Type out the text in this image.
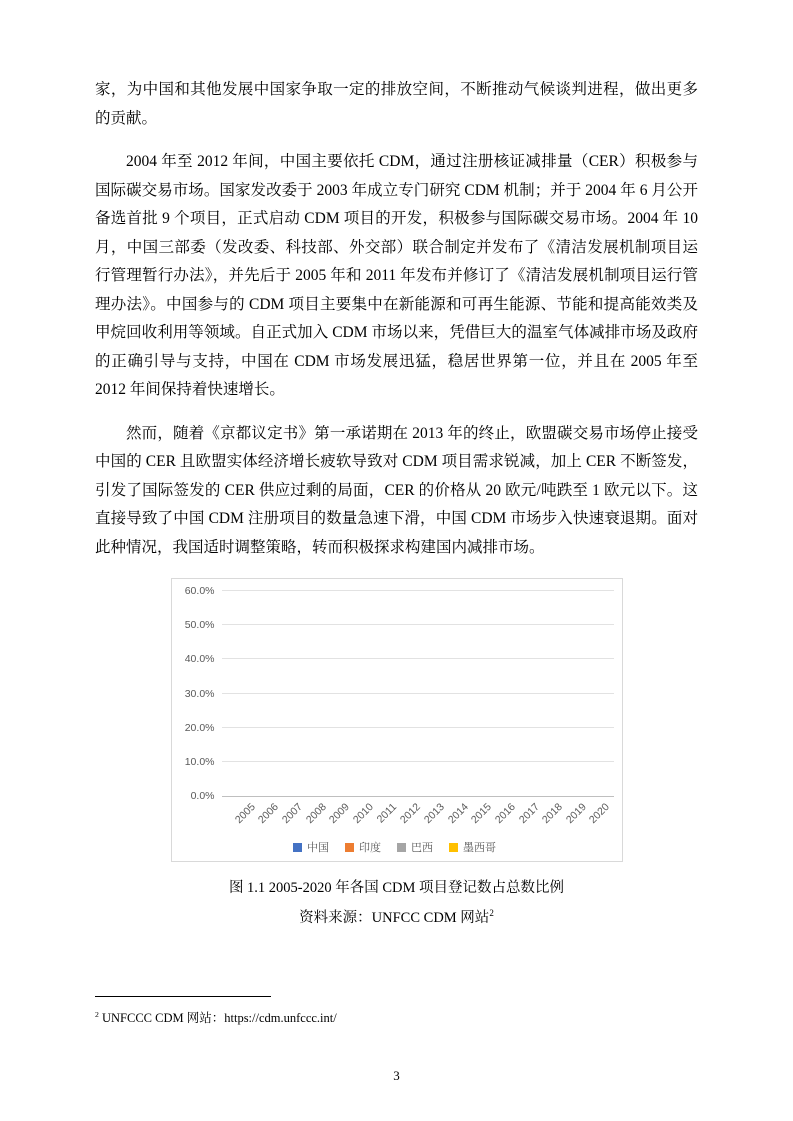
家，为中国和其他发展中国家争取一定的排放空间，不断推动气候谈判进程，做出更多的贡献。

2004 年至 2012 年间，中国主要依托 CDM，通过注册核证减排量（CER）积极参与国际碳交易市场。国家发改委于 2003 年成立专门研究 CDM 机制；并于 2004 年 6 月公开备选首批 9 个项目，正式启动 CDM 项目的开发，积极参与国际碳交易市场。2004 年 10 月，中国三部委（发改委、科技部、外交部）联合制定并发布了《清洁发展机制项目运行管理暂行办法》，并先后于 2005 年和 2011 年发布并修订了《清洁发展机制项目运行管理办法》。中国参与的 CDM 项目主要集中在新能源和可再生能源、节能和提高能效类及甲烷回收利用等领域。自正式加入 CDM 市场以来，凭借巨大的温室气体减排市场及政府的正确引导与支持，中国在 CDM 市场发展迅猛，稳居世界第一位，并且在 2005 年至 2012 年间保持着快速增长。

然而，随着《京都议定书》第一承诺期在 2013 年的终止，欧盟碳交易市场停止接受中国的 CER 且欧盟实体经济增长疲软导致对 CDM 项目需求锐减，加上 CER 不断签发，引发了国际签发的 CER 供应过剩的局面，CER 的价格从 20 欧元/吨跌至 1 欧元以下。这直接导致了中国 CDM 注册项目的数量急速下滑，中国 CDM 市场步入快速衰退期。面对此种情况，我国适时调整策略，转而积极探求构建国内减排市场。

0.0%
10.0%
20.0%
30.0%
40.0%
50.0%
60.0%
2005
2006
2007
2008
2009
2010 2011
2012
2013
2014
2015
2016
2017
2018
2019
2020
中国	印度	巴西	墨西哥
图 1.1 2005-2020 年各国 CDM 项目登记数占总数比例
资料来源：UNFCC CDM 网站$^2$
$^2$ UNFCCC CDM 网站：https://cdm.unfccc.int/
3
